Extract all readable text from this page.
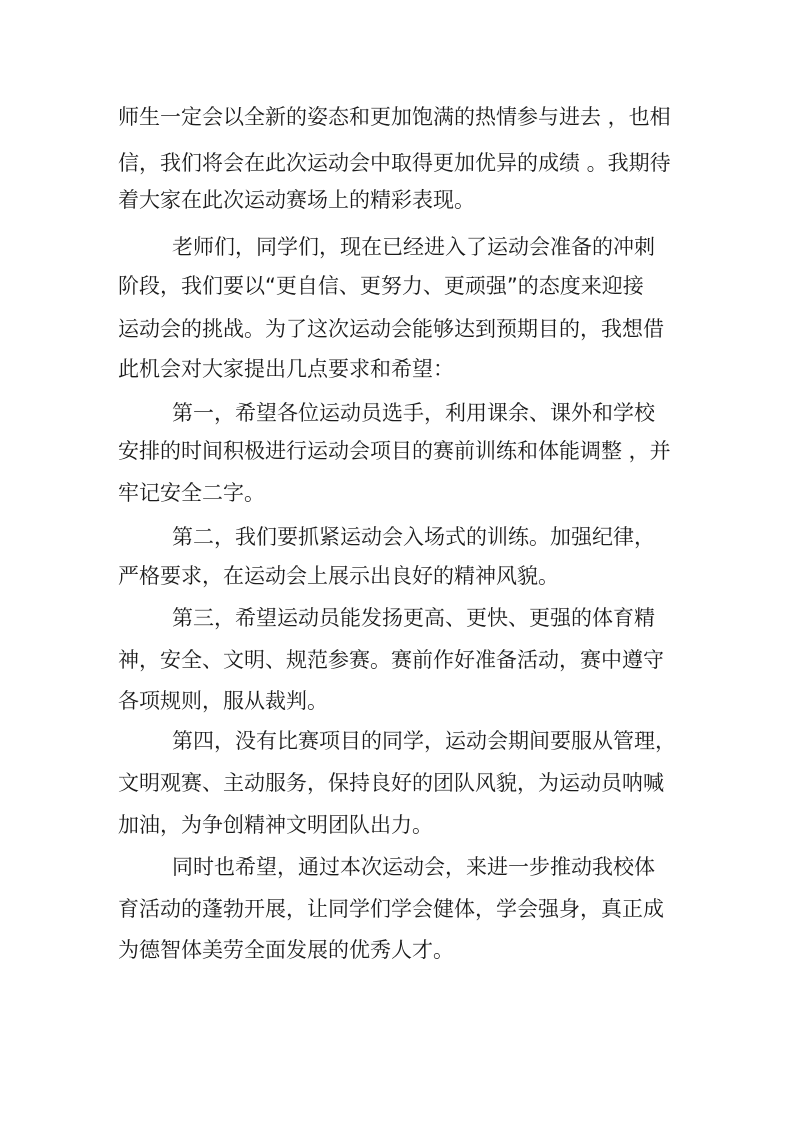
师生一定会以全新的姿态和更加饱满的热情参与进去 ，也相

信，我们将会在此次运动会中取得更加优异的成绩 。我期待

着大家在此次运动赛场上的精彩表现。

老师们，同学们，现在已经进入了运动会准备的冲刺

阶段，我们要以“更自信、更努力、更顽强”的态度来迎接

运动会的挑战。为了这次运动会能够达到预期目的，我想借

此机会对大家提出几点要求和希望：

第一，希望各位运动员选手，利用课余、课外和学校

安排的时间积极进行运动会项目的赛前训练和体能调整 ，并

牢记安全二字。

第二，我们要抓紧运动会入场式的训练。加强纪律，

严格要求，在运动会上展示出良好的精神风貌。

第三，希望运动员能发扬更高、更快、更强的体育精

神，安全、文明、规范参赛。赛前作好准备活动，赛中遵守

各项规则，服从裁判。

第四，没有比赛项目的同学，运动会期间要服从管理，

文明观赛、主动服务，保持良好的团队风貌，为运动员呐喊

加油，为争创精神文明团队出力。

同时也希望，通过本次运动会，来进一步推动我校体

育活动的蓬勃开展，让同学们学会健体，学会强身，真正成

为德智体美劳全面发展的优秀人才。
